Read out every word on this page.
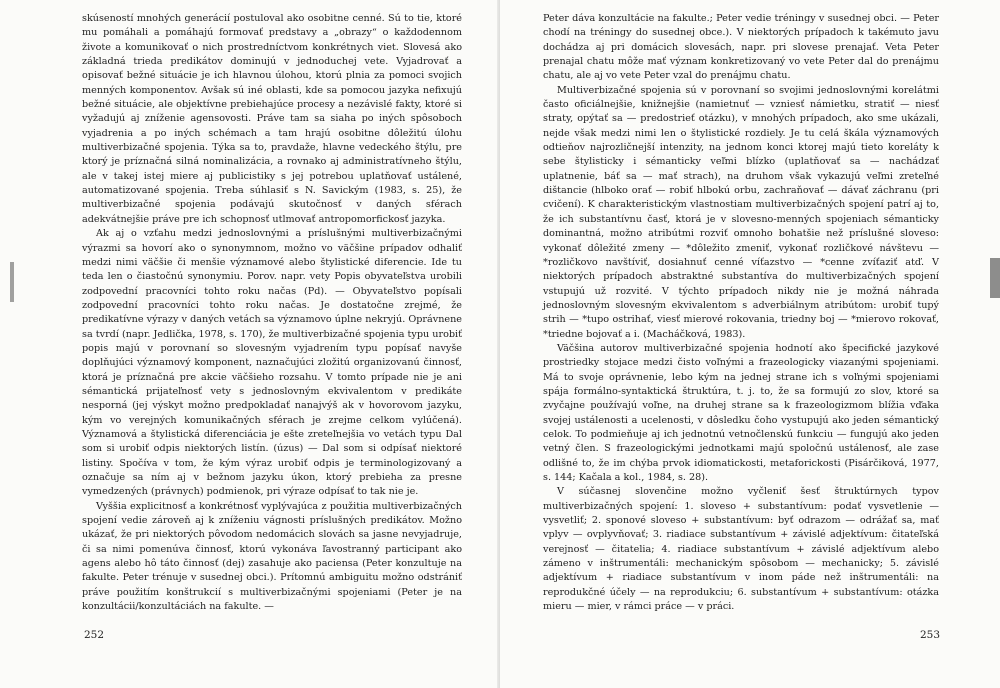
skúseností mnohých generácií postuloval ako osobitne cenné. Sú to tie, ktoré mu pomáhali a pomáhajú formovať predstavy a „obrazy“ o každodennom živote a komunikovať o nich prostredníctvom konkrétnych viet. Slovesá ako základná trieda predikátov dominujú v jednoduchej vete. Vyjadrovať a opisovať bežné situácie je ich hlavnou úlohou, ktorú plnia za pomoci svojich menných komponentov. Avšak sú iné oblasti, kde sa pomocou jazyka nefixujú bežné situácie, ale objektívne prebiehajúce procesy a nezávislé fakty, ktoré si vyžadujú aj zníženie agensovosti. Práve tam sa siaha po iných spôsoboch vyjadrenia a po iných schémach a tam hrajú osobitne dôležitú úlohu multiverbizačné spojenia. Týka sa to, pravdaže, hlavne vedeckého štýlu, pre ktorý je príznačná silná nominalizácia, a rovnako aj administratívneho štýlu, ale v takej istej miere aj publicistiky s jej potrebou uplatňovať ustálené, automatizované spojenia. Treba súhlasiť s N. Savickým (1983, s. 25), že multiverbizačné spojenia podávajú skutočnosť v daných sférach adekvátnejšie práve pre ich schopnosť utlmovať antropomorfickosť jazyka.

Ak aj o vzťahu medzi jednoslovnými a príslušnými multiverbizačnými výrazmi sa hovorí ako o synonymnom, možno vo väčšine prípadov odhaliť medzi nimi väčšie či menšie významové alebo štylistické diferencie. Ide tu teda len o čiastočnú synonymiu. Porov. napr. vety Popis obyvateľstva urobili zodpovední pracovníci tohto roku načas (Pd). — Obyvateľstvo popísali zodpovední pracovníci tohto roku načas. Je dostatočne zrejmé, že predikatívne výrazy v daných vetách sa významovo úplne nekryjú. Oprávnene sa tvrdí (napr. Jedlička, 1978, s. 170), že multiverbizačné spojenia typu urobiť popis majú v porovnaní so slovesným vyjadrením typu popísať navyše doplňujúci významový komponent, naznačujúci zložitú organizovanú činnosť, ktorá je príznačná pre akcie väčšieho rozsahu. V tomto prípade nie je ani sémantická prijateľnosť vety s jednoslovným ekvivalentom v predikáte nesporná (jej výskyt možno predpokladať nanajvýš ak v hovorovom jazyku, kým vo verejných komunikačných sférach je zrejme celkom vylúčená). Významová a štylistická diferenciácia je ešte zreteľnejšia vo vetách typu Dal som si urobiť odpis niektorých listín. (úzus) — Dal som si odpísať niektoré listiny. Spočíva v tom, že kým výraz urobiť odpis je terminologizovaný a označuje sa ním aj v bežnom jazyku úkon, ktorý prebieha za presne vymedzených (právnych) podmienok, pri výraze odpísať to tak nie je.

Vyššia explicitnosť a konkrétnosť vyplývajúca z použitia multiverbizačných spojení vedie zároveň aj k zníženiu vágnosti príslušných predikátov. Možno ukázať, že pri niektorých pôvodom nedomácich slovách sa jasne nevyjadruje, či sa nimi pomenúva činnosť, ktorú vykonáva ľavostranný participant ako agens alebo hô táto činnosť (dej) zasahuje ako paciensa (Peter konzultuje na fakulte. Peter trénuje v susednej obci.). Prítomnú ambiguitu možno odstrániť práve použitím konštrukcií s multiverbizačnými spojeniami (Peter je na konzultácii/konzultáciách na fakulte. —

252

Peter dáva konzultácie na fakulte.; Peter vedie tréningy v susednej obci. — Peter chodí na tréningy do susednej obce.). V niektorých prípadoch k takémuto javu dochádza aj pri domácich slovesách, napr. pri slovese prenajať. Veta Peter prenajal chatu môže mať význam konkretizovaný vo vete Peter dal do prenájmu chatu, ale aj vo vete Peter vzal do prenájmu chatu.

Multiverbizačné spojenia sú v porovnaní so svojimi jednoslovnými korelátmi často oficiálnejšie, knižnejšie (namietnuť — vzniesť námietku, stratiť — niesť straty, opýtať sa — predostrieť otázku), v mnohých prípadoch, ako sme ukázali, nejde však medzi nimi len o štylistické rozdiely. Je tu celá škála významových odtieňov najrozličnejší intenzity, na jednom konci ktorej majú tieto koreláty k sebe štylisticky i sémanticky veľmi blízko (uplatňovať sa — nachádzať uplatnenie, báť sa — mať strach), na druhom však vykazujú veľmi zreteľné dištancie (hlboko orať — robiť hlbokú orbu, zachraňovať — dávať záchranu (pri cvičení). K charakteristickým vlastnostiam multiverbizačných spojení patrí aj to, že ich substantívnu časť, ktorá je v slovesno-menných spojeniach sémanticky dominantná, možno atribútmi rozviť omnoho bohatšie než príslušné sloveso: vykonať dôležité zmeny — *dôležito zmeniť, vykonať rozličkové návštevu — *rozličkovo navštíviť, dosiahnuť cenné víťazstvo — *cenne zvíťaziť atď. V niektorých prípadoch abstraktné substantíva do multiverbizačných spojení vstupujú už rozvité. V týchto prípadoch nikdy nie je možná náhrada jednoslovným slovesným ekvivalentom s adverbiálnym atribútom: urobiť tupý strih — *tupo ostrihať, viesť mierové rokovania, triedny boj — *mierovo rokovať, *triedne bojovať a i. (Macháčková, 1983).

Väčšina autorov multiverbizačné spojenia hodnotí ako špecifické jazykové prostriedky stojace medzi čisto voľnými a frazeologicky viazanými spojeniami. Má to svoje oprávnenie, lebo kým na jednej strane ich s voľnými spojeniami spája formálno-syntaktická štruktúra, t. j. to, že sa formujú zo slov, ktoré sa zvyčajne používajú voľne, na druhej strane sa k frazeologizmom blížia vďaka svojej ustálenosti a ucelenosti, v dôsledku čoho vystupujú ako jeden sémantický celok. To podmieňuje aj ich jednotnú vetnočlenskú funkciu — fungujú ako jeden vetný člen. S frazeologickými jednotkami majú spoločnú ustálenosť, ale zase odlišné to, že im chýba prvok idiomatickosti, metaforickosti (Pisárčiková, 1977, s. 144; Kačala a kol., 1984, s. 28).

V súčasnej slovenčine možno vyčleniť šesť štruktúrnych typov multiverbizačných spojení: 1. sloveso + substantívum: podať vysvetlenie — vysvetliť; 2. sponové sloveso + substantívum: byť odrazom — odrážať sa, mať vplyv — ovplyvňovať; 3. riadiace substantívum + závislé adjektívum: čitateľská verejnosť — čitatelia; 4. riadiace substantívum + závislé adjektívum alebo zámeno v inštrumentáli: mechanickým spôsobom — mechanicky; 5. závislé adjektívum + riadiace substantívum v inom páde než inštrumentáli: na reprodukčné účely — na reprodukciu; 6. substantívum + substantívum: otázka mieru — mier, v rámci práce — v práci.

253
